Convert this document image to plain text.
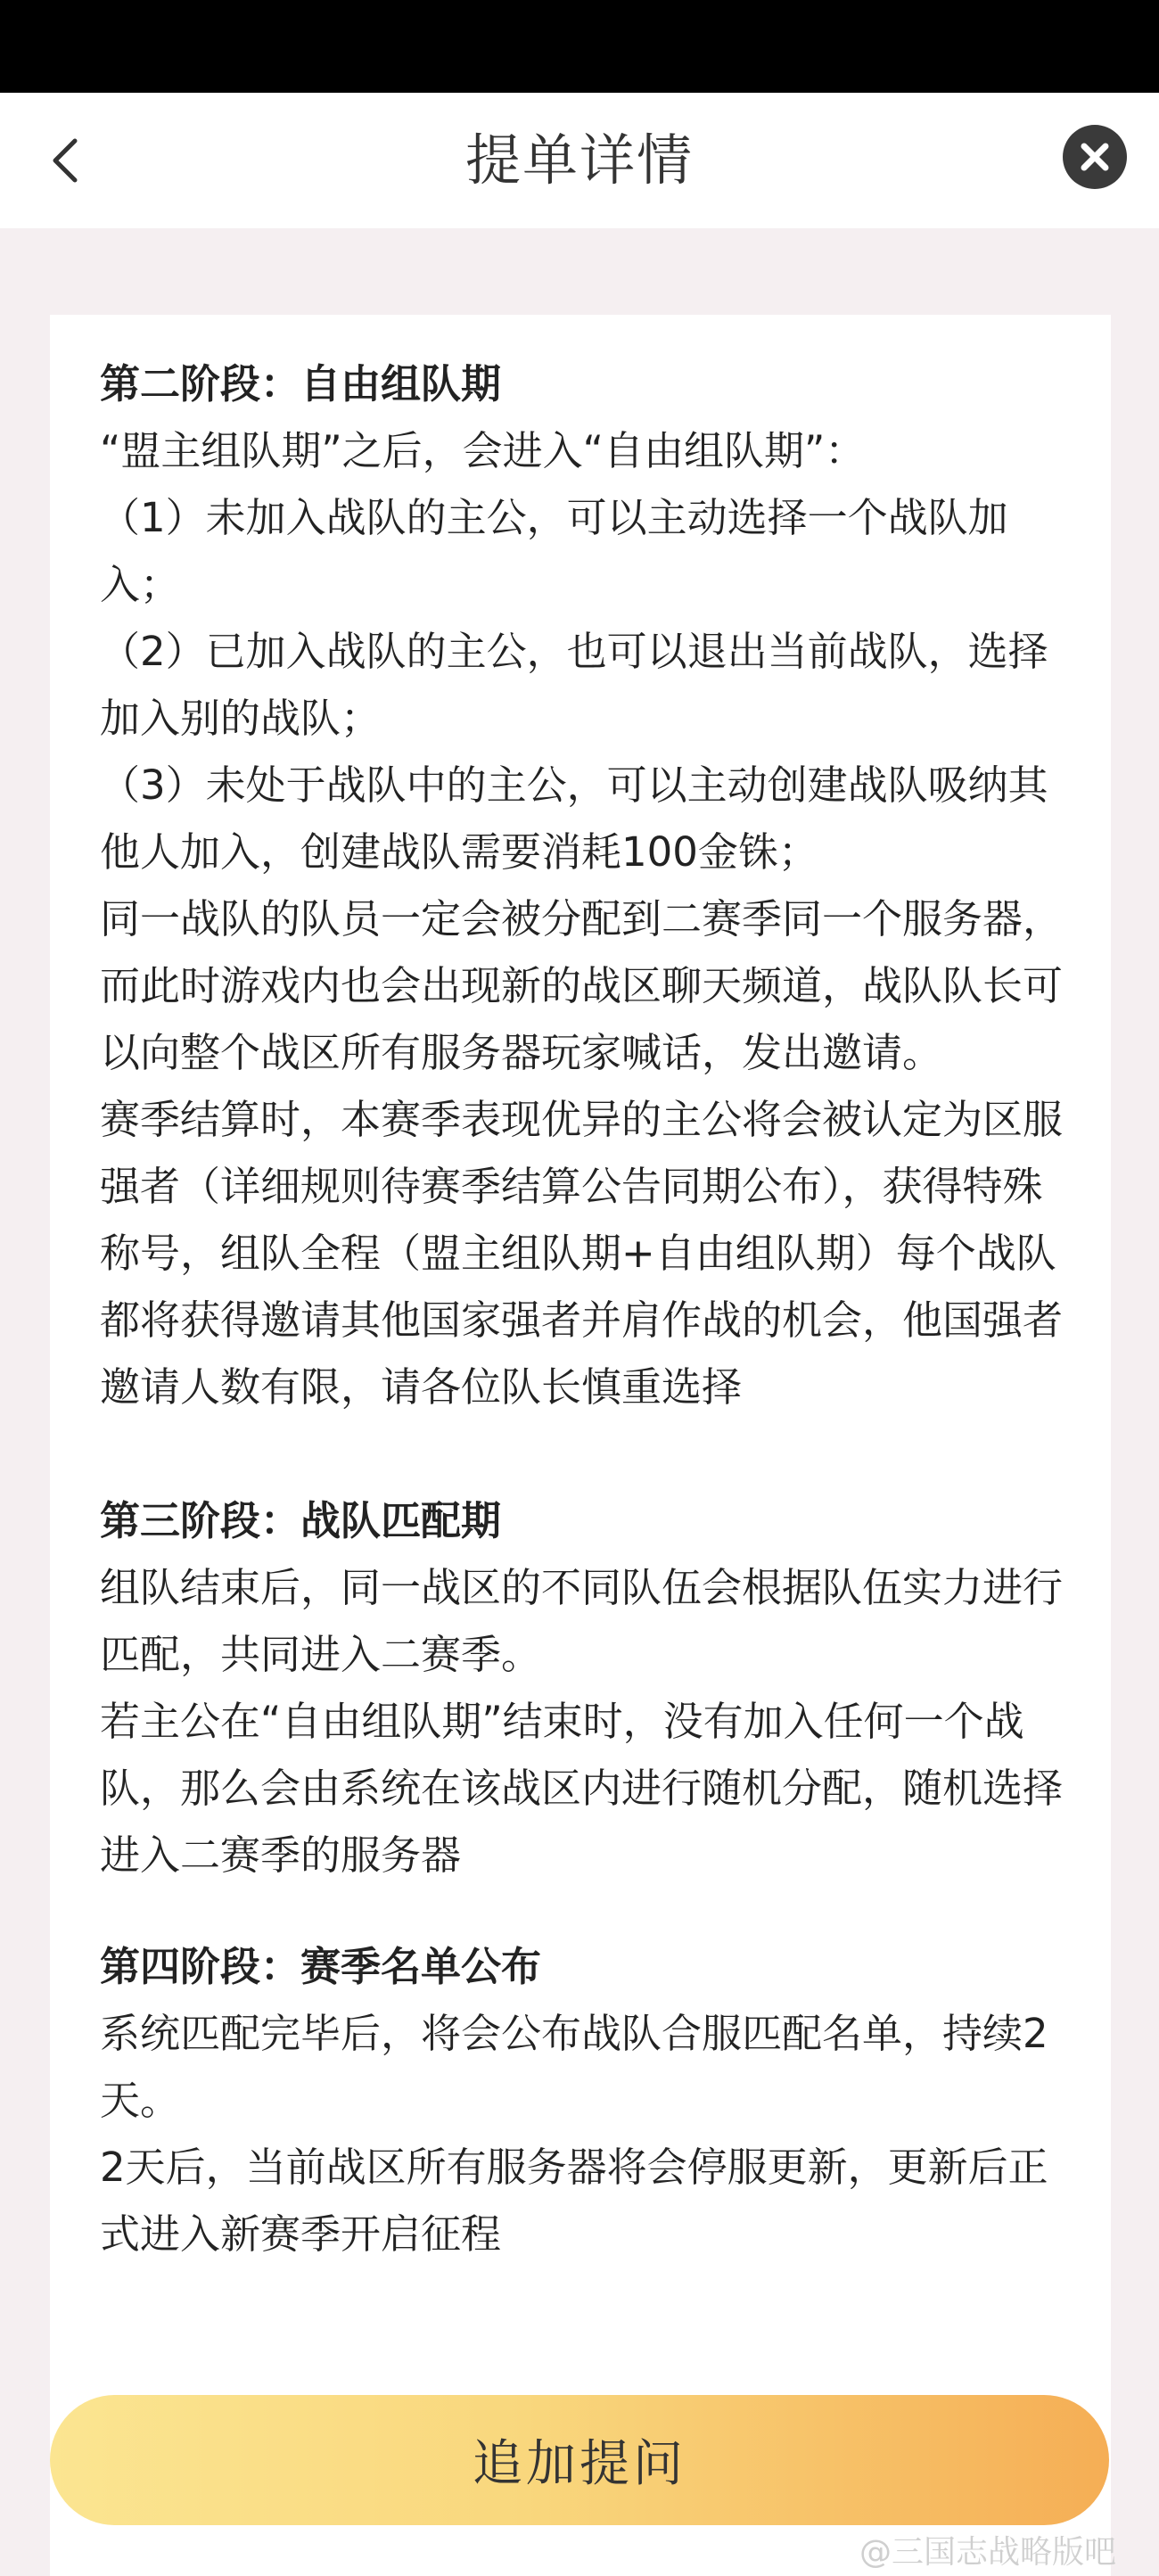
提单详情
第二阶段：自由组队期

“盟主组队期”之后，会进入“自由组队期”：

（1）未加入战队的主公，可以主动选择一个战队加入；

（2）已加入战队的主公，也可以退出当前战队，选择加入别的战队；

（3）未处于战队中的主公，可以主动创建战队吸纳其他人加入，创建战队需要消耗100金铢；

同一战队的队员一定会被分配到二赛季同一个服务器，而此时游戏内也会出现新的战区聊天频道，战队队长可以向整个战区所有服务器玩家喊话，发出邀请。

赛季结算时，本赛季表现优异的主公将会被认定为区服强者（详细规则待赛季结算公告同期公布），获得特殊称号，组队全程（盟主组队期+自由组队期）每个战队都将获得邀请其他国家强者并肩作战的机会，他国强者邀请人数有限，请各位队长慎重选择

第三阶段：战队匹配期

组队结束后，同一战区的不同队伍会根据队伍实力进行匹配，共同进入二赛季。

若主公在“自由组队期”结束时，没有加入任何一个战队，那么会由系统在该战区内进行随机分配，随机选择进入二赛季的服务器

第四阶段：赛季名单公布

系统匹配完毕后，将会公布战队合服匹配名单，持续2天。

2天后，当前战区所有服务器将会停服更新，更新后正式进入新赛季开启征程

追加提问
@三国志战略版吧
